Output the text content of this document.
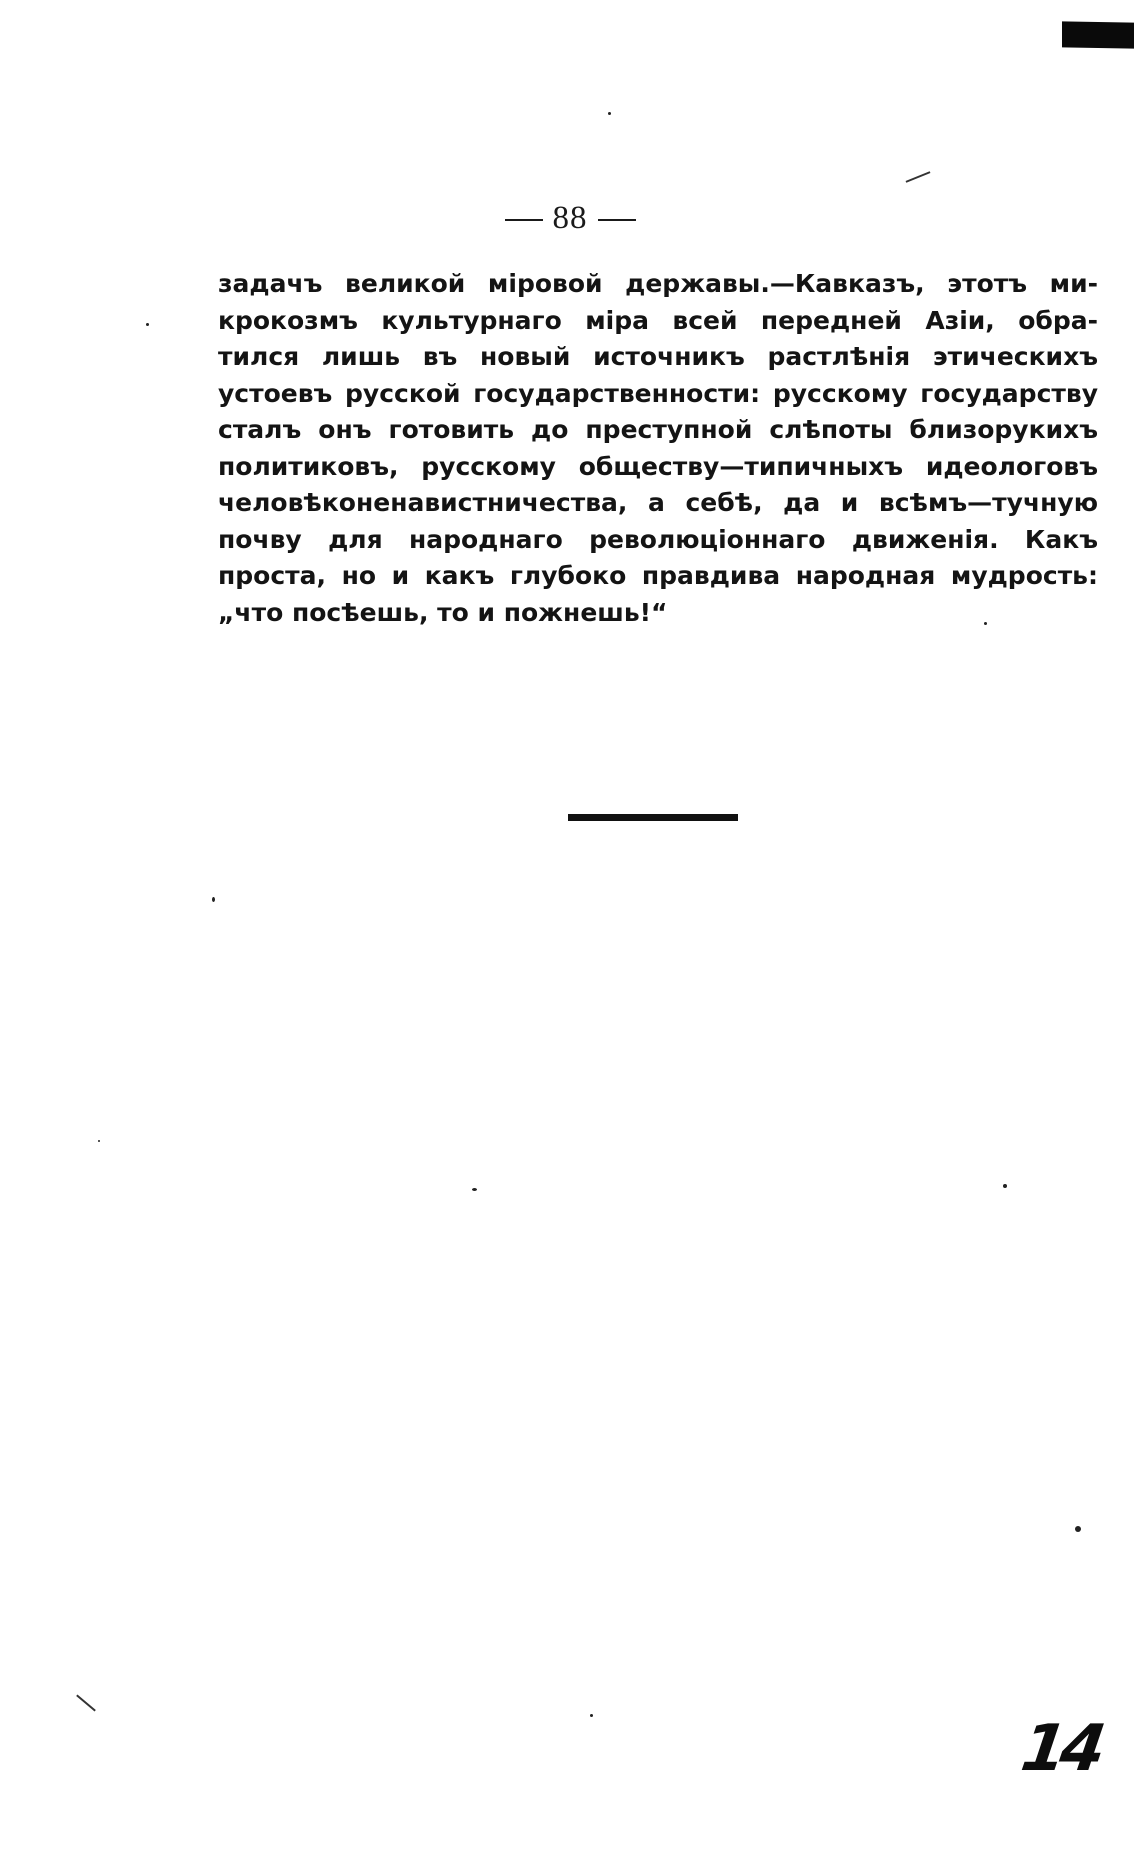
88
задачъ великой міровой державы.—Кавказъ, этотъ ми-
крокозмъ культурнаго міра всей передней Азіи, обра-
тился лишь въ новый источникъ растлѣнія этическихъ
устоевъ русской государственности: русскому государству
сталъ онъ готовить до преступной слѣпоты близорукихъ
политиковъ, русскому обществу—типичныхъ идеологовъ
человѣконенавистничества, а себѣ, да и всѣмъ—тучную
почву для народнаго революціоннаго движенія. Какъ
проста, но и какъ глубоко правдива народная мудрость:
„что посѣешь, то и пожнешь!“
14
